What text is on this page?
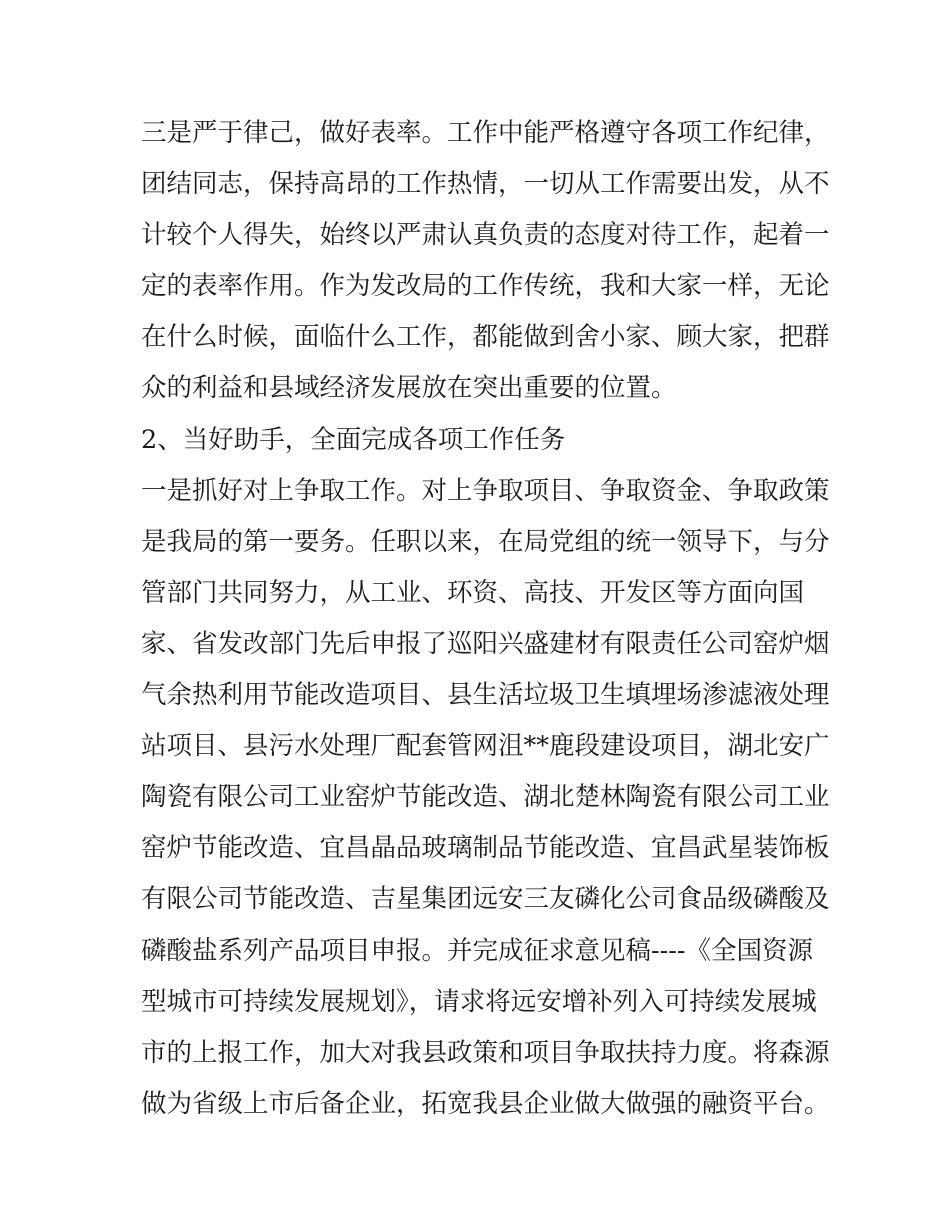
三是严于律己，做好表率。工作中能严格遵守各项工作纪律，
团结同志，保持高昂的工作热情，一切从工作需要出发，从不
计较个人得失，始终以严肃认真负责的态度对待工作，起着一
定的表率作用。作为发改局的工作传统，我和大家一样，无论
在什么时候，面临什么工作，都能做到舍小家、顾大家，把群
众的利益和县域经济发展放在突出重要的位置。
2、当好助手，全面完成各项工作任务
一是抓好对上争取工作。对上争取项目、争取资金、争取政策
是我局的第一要务。任职以来，在局党组的统一领导下，与分
管部门共同努力，从工业、环资、高技、开发区等方面向国
家、省发改部门先后申报了巡阳兴盛建材有限责任公司窑炉烟
气余热利用节能改造项目、县生活垃圾卫生填埋场渗滤液处理
站项目、县污水处理厂配套管网沮**鹿段建设项目，湖北安广
陶瓷有限公司工业窑炉节能改造、湖北楚林陶瓷有限公司工业
窑炉节能改造、宜昌晶品玻璃制品节能改造、宜昌武星装饰板
有限公司节能改造、吉星集团远安三友磷化公司食品级磷酸及
磷酸盐系列产品项目申报。并完成征求意见稿----《全国资源
型城市可持续发展规划》，请求将远安增补列入可持续发展城
市的上报工作，加大对我县政策和项目争取扶持力度。将森源
做为省级上市后备企业，拓宽我县企业做大做强的融资平台。
